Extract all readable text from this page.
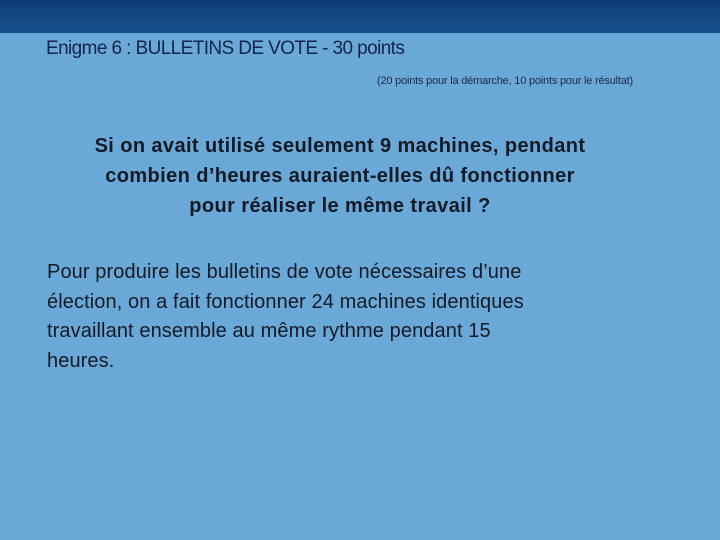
Enigme 6 : BULLETINS DE VOTE - 30 points
(20 points pour la démarche, 10 points pour le résultat)
Si on avait utilisé seulement 9 machines, pendant
combien d’heures auraient-elles dû fonctionner
pour réaliser le même travail ?
Pour produire les bulletins de vote nécessaires d’une
élection, on a fait fonctionner 24 machines identiques
travaillant ensemble au même rythme pendant 15
heures.
